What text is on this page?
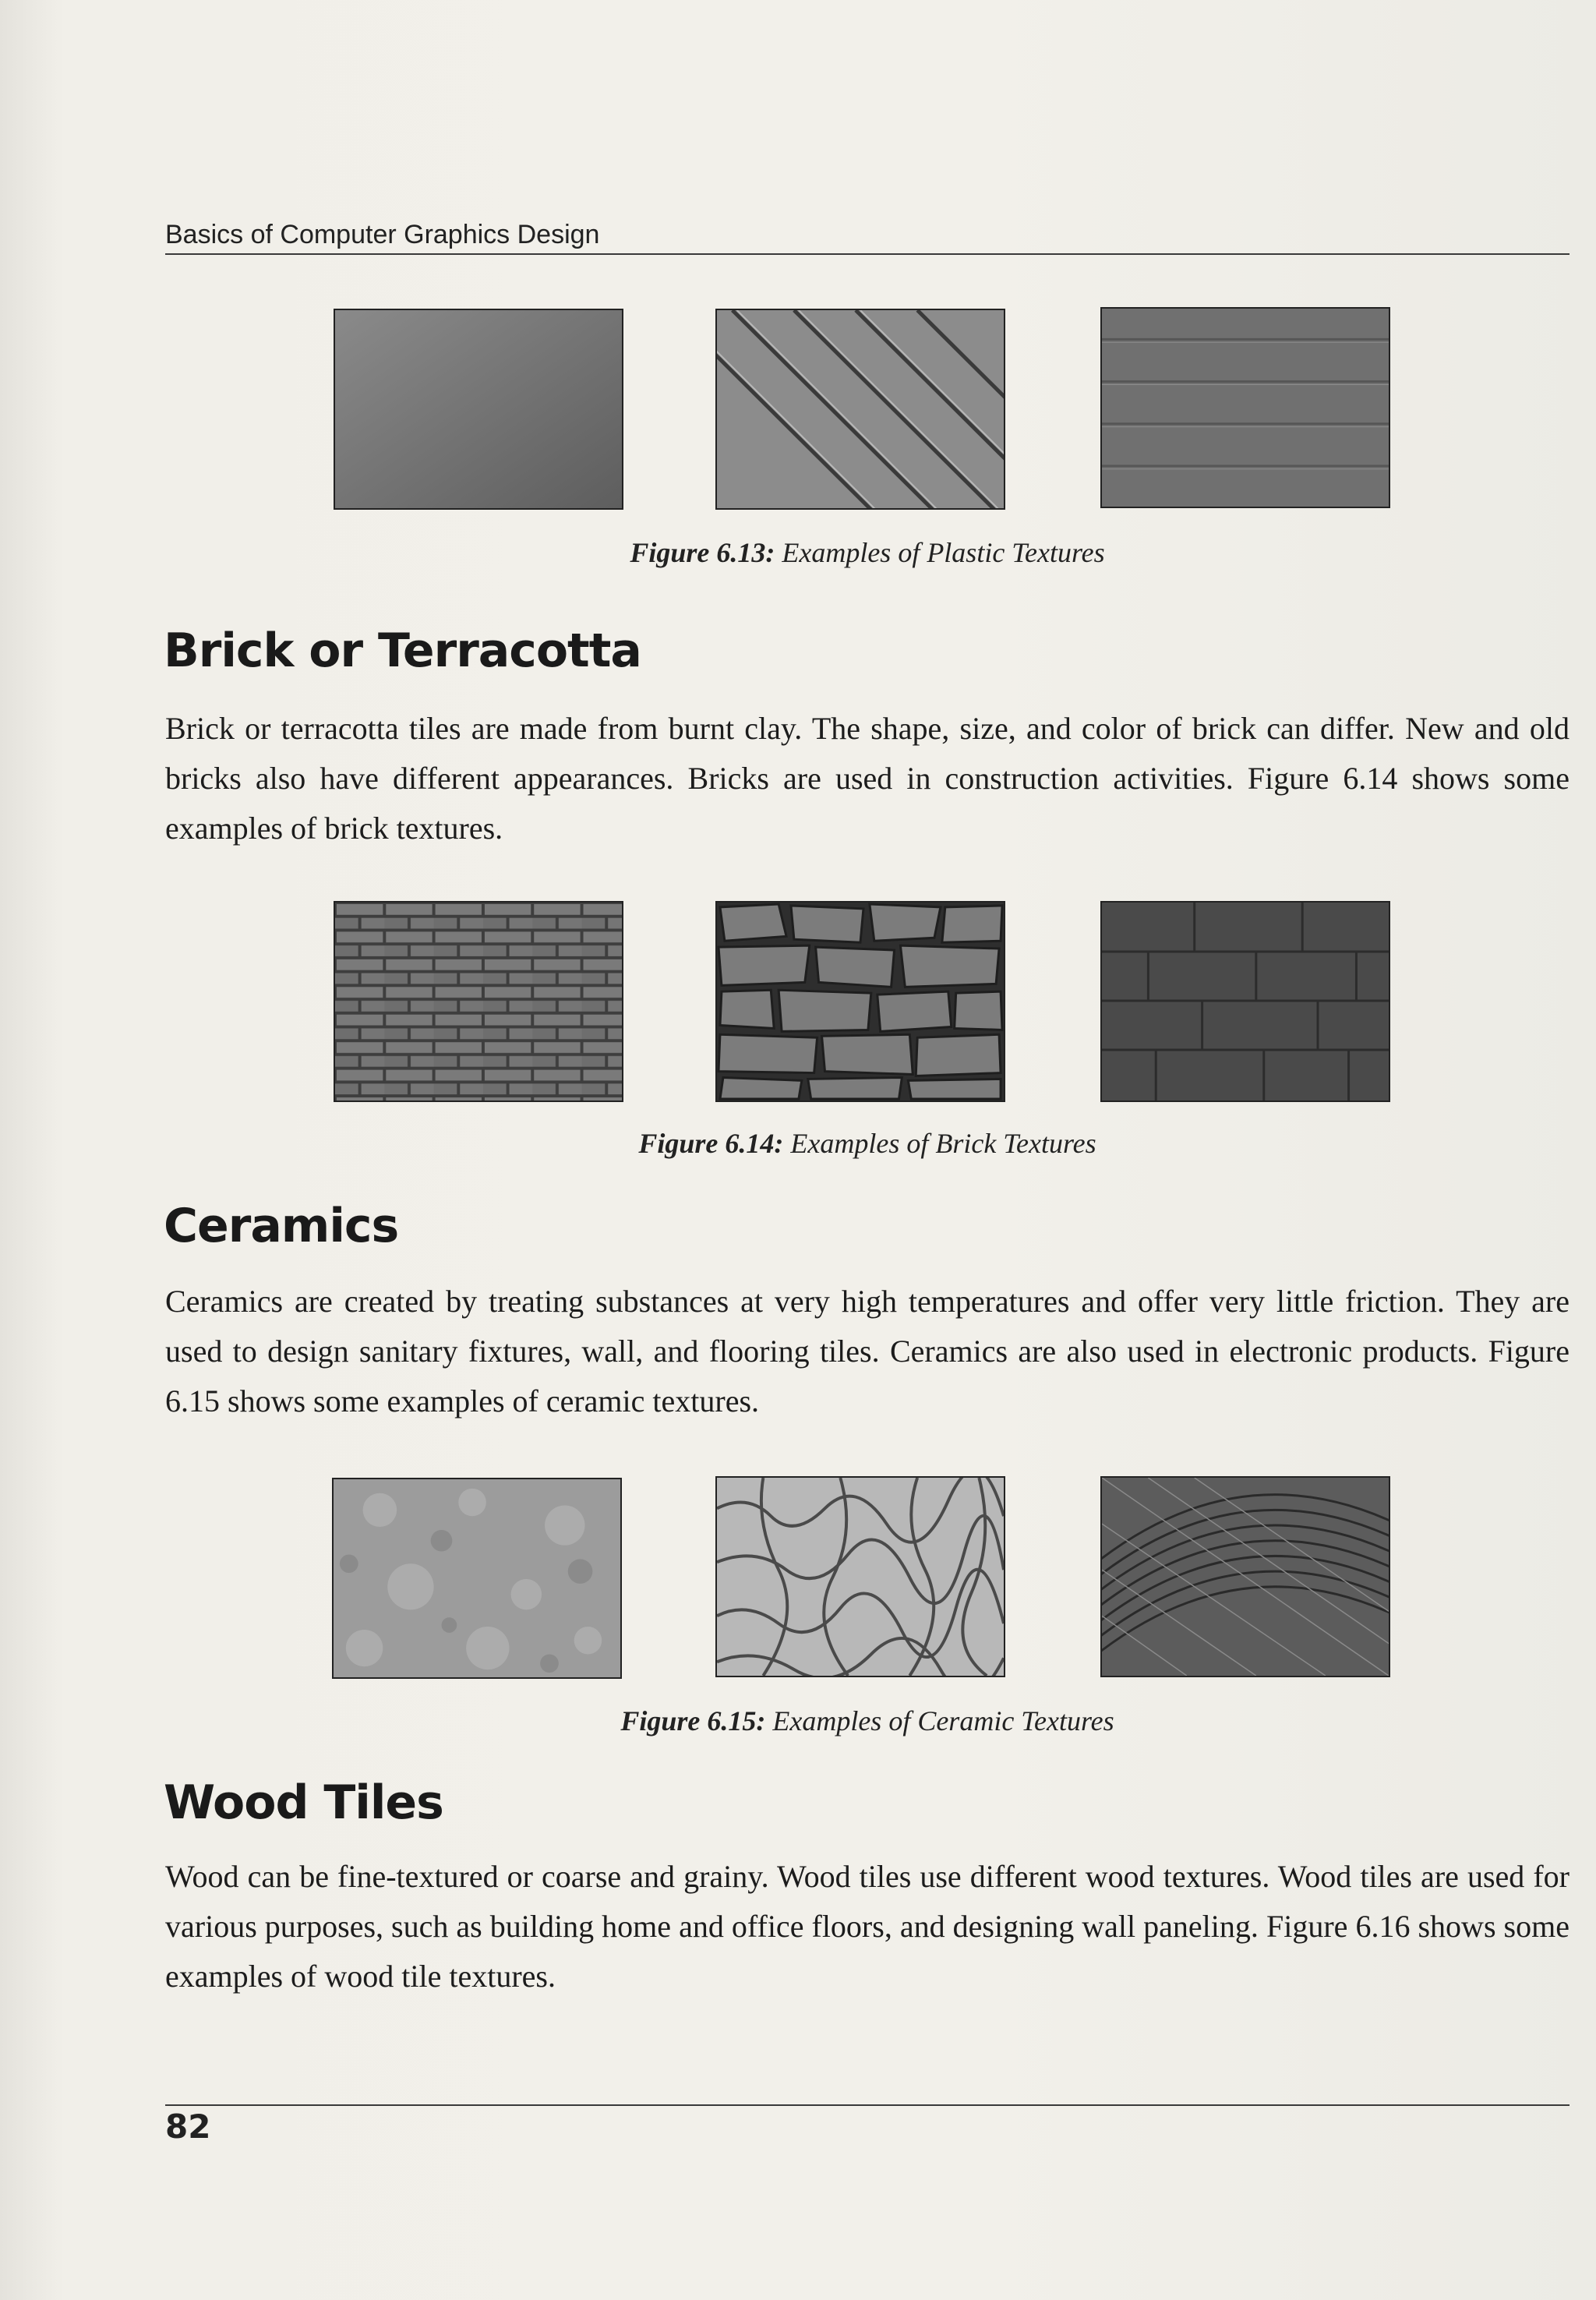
Basics of Computer Graphics Design

Figure 6.13: Examples of Plastic Textures

Brick or Terracotta

Brick or terracotta tiles are made from burnt clay. The shape, size, and color of brick can differ. New and old bricks also have different appearances. Bricks are used in construction activities. Figure 6.14 shows some examples of brick textures.

Figure 6.14: Examples of Brick Textures

Ceramics

Ceramics are created by treating substances at very high temperatures and offer very little friction. They are used to design sanitary fixtures, wall, and flooring tiles. Ceramics are also used in electronic products. Figure 6.15 shows some examples of ceramic textures.

Figure 6.15: Examples of Ceramic Textures

Wood Tiles

Wood can be fine-textured or coarse and grainy. Wood tiles use different wood textures. Wood tiles are used for various purposes, such as building home and office floors, and designing wall paneling. Figure 6.16 shows some examples of wood tile textures.

82
